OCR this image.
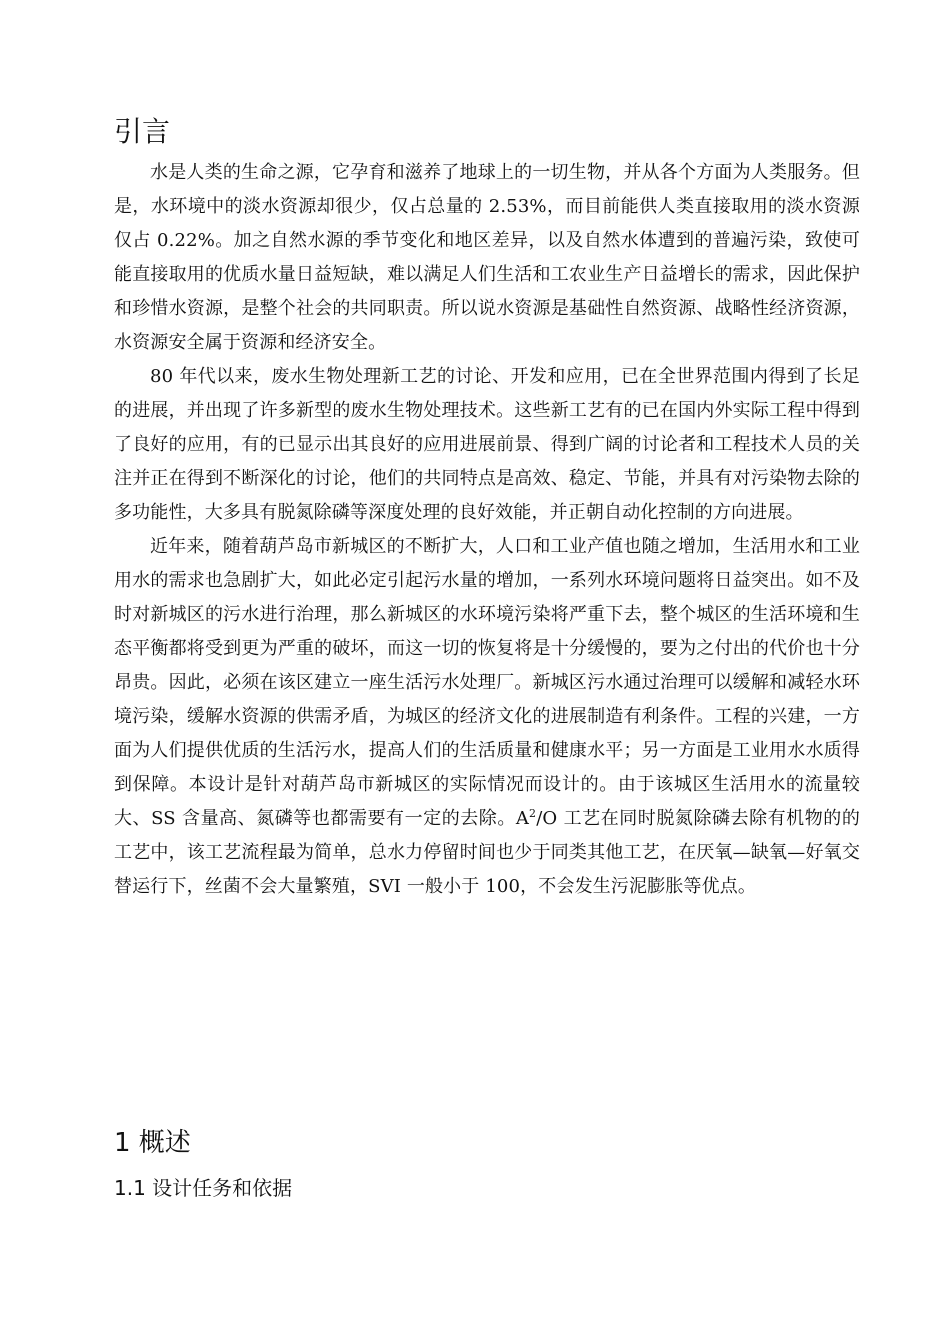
引言

水是人类的生命之源，它孕育和滋养了地球上的一切生物，并从各个方面为人类服务。但是，水环境中的淡水资源却很少，仅占总量的 2.53%，而目前能供人类直接取用的淡水资源仅占 0.22%。加之自然水源的季节变化和地区差异，以及自然水体遭到的普遍污染，致使可能直接取用的优质水量日益短缺，难以满足人们生活和工农业生产日益增长的需求，因此保护和珍惜水资源，是整个社会的共同职责。所以说水资源是基础性自然资源、战略性经济资源，水资源安全属于资源和经济安全。

80 年代以来，废水生物处理新工艺的讨论、开发和应用，已在全世界范围内得到了长足的进展，并出现了许多新型的废水生物处理技术。这些新工艺有的已在国内外实际工程中得到了良好的应用，有的已显示出其良好的应用进展前景、得到广阔的讨论者和工程技术人员的关注并正在得到不断深化的讨论，他们的共同特点是高效、稳定、节能，并具有对污染物去除的多功能性，大多具有脱氮除磷等深度处理的良好效能，并正朝自动化控制的方向进展。

近年来，随着葫芦岛市新城区的不断扩大，人口和工业产值也随之增加，生活用水和工业用水的需求也急剧扩大，如此必定引起污水量的增加，一系列水环境问题将日益突出。如不及时对新城区的污水进行治理，那么新城区的水环境污染将严重下去，整个城区的生活环境和生态平衡都将受到更为严重的破坏，而这一切的恢复将是十分缓慢的，要为之付出的代价也十分昂贵。因此，必须在该区建立一座生活污水处理厂。新城区污水通过治理可以缓解和减轻水环境污染，缓解水资源的供需矛盾，为城区的经济文化的进展制造有利条件。工程的兴建，一方面为人们提供优质的生活污水，提高人们的生活质量和健康水平；另一方面是工业用水水质得到保障。本设计是针对葫芦岛市新城区的实际情况而设计的。由于该城区生活用水的流量较大、SS 含量高、氮磷等也都需要有一定的去除。$A^2/O$ 工艺在同时脱氮除磷去除有机物的的工艺中，该工艺流程最为简单，总水力停留时间也少于同类其他工艺，在厌氧—缺氧—好氧交替运行下，丝菌不会大量繁殖，SVI 一般小于 100，不会发生污泥膨胀等优点。

1 概述
1.1 设计任务和依据
